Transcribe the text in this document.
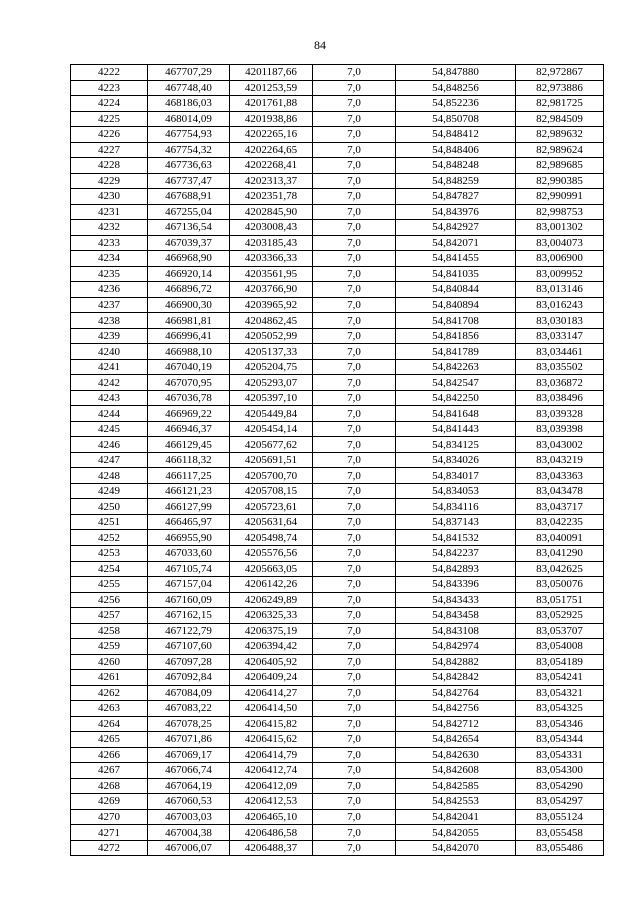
84
4222	467707,29	4201187,66	7,0	54,847880	82,972867
4223	467748,40	4201253,59	7,0	54,848256	82,973886
4224	468186,03	4201761,88	7,0	54,852236	82,981725
4225	468014,09	4201938,86	7,0	54,850708	82,984509
4226	467754,93	4202265,16	7,0	54,848412	82,989632
4227	467754,32	4202264,65	7,0	54,848406	82,989624
4228	467736,63	4202268,41	7,0	54,848248	82,989685
4229	467737,47	4202313,37	7,0	54,848259	82,990385
4230	467688,91	4202351,78	7,0	54,847827	82,990991
4231	467255,04	4202845,90	7,0	54,843976	82,998753
4232	467136,54	4203008,43	7,0	54,842927	83,001302
4233	467039,37	4203185,43	7,0	54,842071	83,004073
4234	466968,90	4203366,33	7,0	54,841455	83,006900
4235	466920,14	4203561,95	7,0	54,841035	83,009952
4236	466896,72	4203766,90	7,0	54,840844	83,013146
4237	466900,30	4203965,92	7,0	54,840894	83,016243
4238	466981,81	4204862,45	7,0	54,841708	83,030183
4239	466996,41	4205052,99	7,0	54,841856	83,033147
4240	466988,10	4205137,33	7,0	54,841789	83,034461
4241	467040,19	4205204,75	7,0	54,842263	83,035502
4242	467070,95	4205293,07	7,0	54,842547	83,036872
4243	467036,78	4205397,10	7,0	54,842250	83,038496
4244	466969,22	4205449,84	7,0	54,841648	83,039328
4245	466946,37	4205454,14	7,0	54,841443	83,039398
4246	466129,45	4205677,62	7,0	54,834125	83,043002
4247	466118,32	4205691,51	7,0	54,834026	83,043219
4248	466117,25	4205700,70	7,0	54,834017	83,043363
4249	466121,23	4205708,15	7,0	54,834053	83,043478
4250	466127,99	4205723,61	7,0	54,834116	83,043717
4251	466465,97	4205631,64	7,0	54,837143	83,042235
4252	466955,90	4205498,74	7,0	54,841532	83,040091
4253	467033,60	4205576,56	7,0	54,842237	83,041290
4254	467105,74	4205663,05	7,0	54,842893	83,042625
4255	467157,04	4206142,26	7,0	54,843396	83,050076
4256	467160,09	4206249,89	7,0	54,843433	83,051751
4257	467162,15	4206325,33	7,0	54,843458	83,052925
4258	467122,79	4206375,19	7,0	54,843108	83,053707
4259	467107,60	4206394,42	7,0	54,842974	83,054008
4260	467097,28	4206405,92	7,0	54,842882	83,054189
4261	467092,84	4206409,24	7,0	54,842842	83,054241
4262	467084,09	4206414,27	7,0	54,842764	83,054321
4263	467083,22	4206414,50	7,0	54,842756	83,054325
4264	467078,25	4206415,82	7,0	54,842712	83,054346
4265	467071,86	4206415,62	7,0	54,842654	83,054344
4266	467069,17	4206414,79	7,0	54,842630	83,054331
4267	467066,74	4206412,74	7,0	54,842608	83,054300
4268	467064,19	4206412,09	7,0	54,842585	83,054290
4269	467060,53	4206412,53	7,0	54,842553	83,054297
4270	467003,03	4206465,10	7,0	54,842041	83,055124
4271	467004,38	4206486,58	7,0	54,842055	83,055458
4272	467006,07	4206488,37	7,0	54,842070	83,055486
